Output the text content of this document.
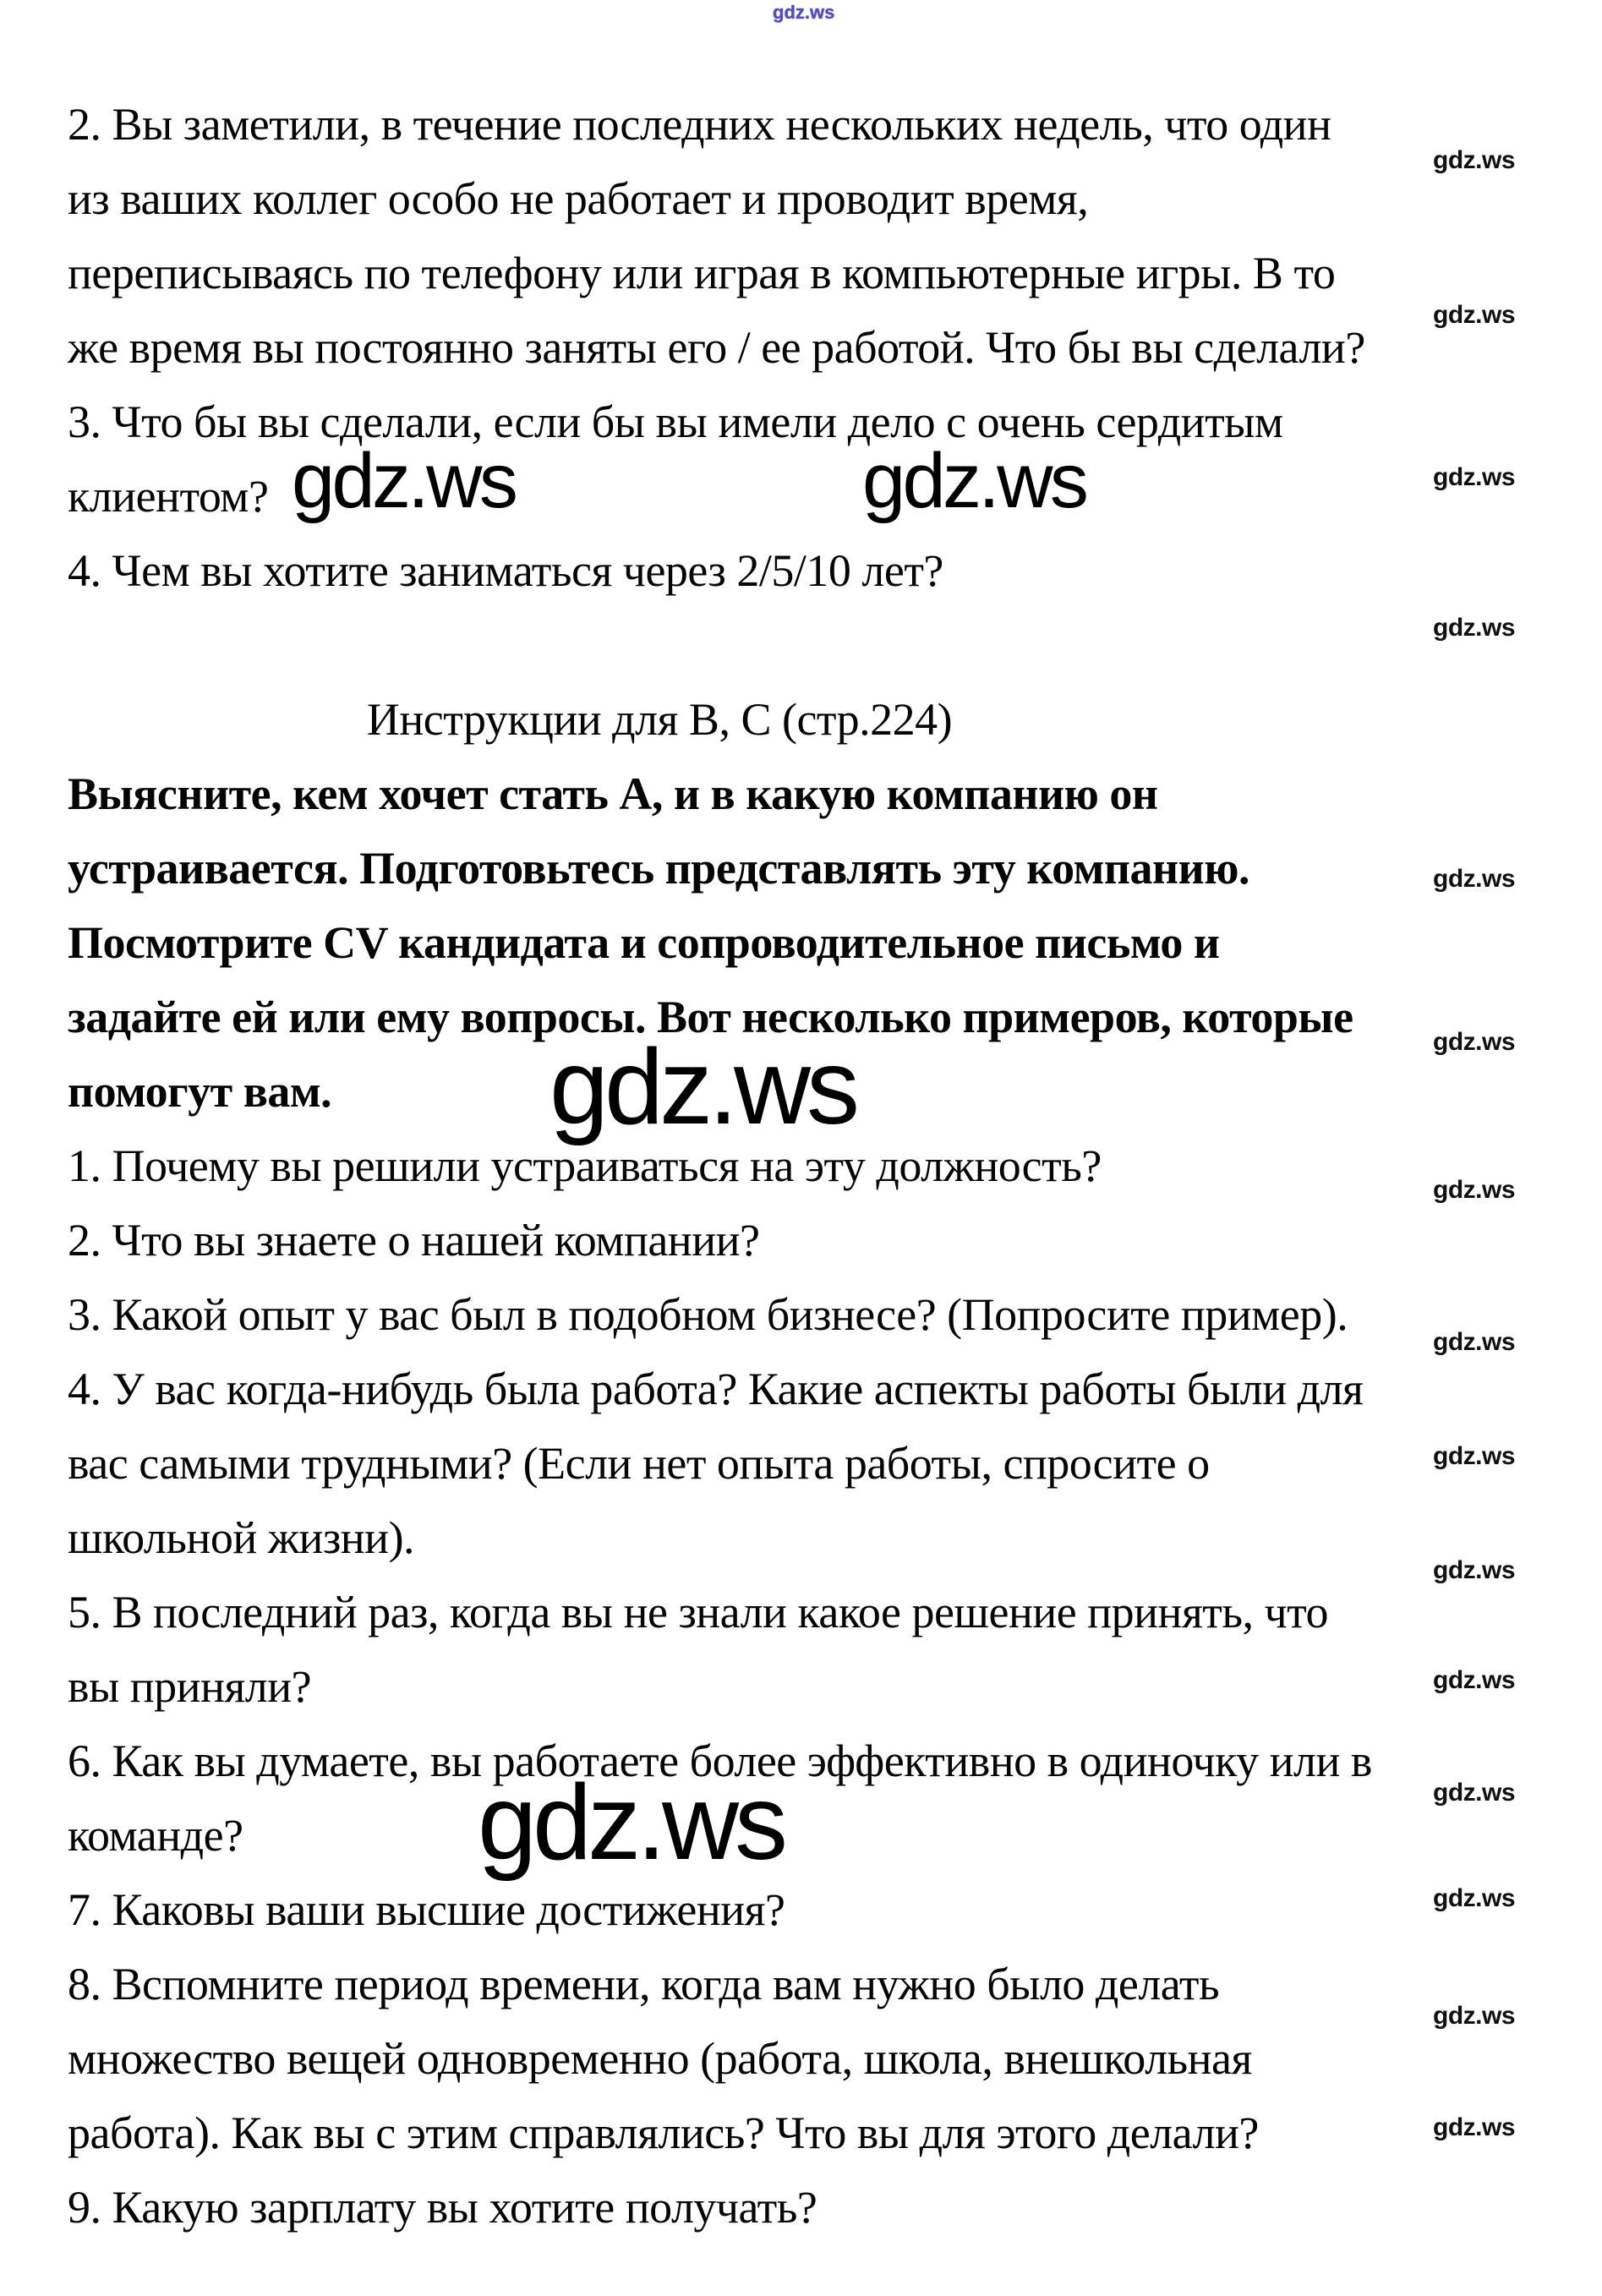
2. Вы заметили, в течение последних нескольких недель, что один
из ваших коллег особо не работает и проводит время,
переписываясь по телефону или играя в компьютерные игры. В то
же время вы постоянно заняты его / ее работой. Что бы вы сделали?
3. Что бы вы сделали, если бы вы имели дело с очень сердитым
клиентом?
4. Чем вы хотите заниматься через 2/5/10 лет?
Инструкции для В, С (стр.224)
Выясните, кем хочет стать А, и в какую компанию он
устраивается. Подготовьтесь представлять эту компанию.
Посмотрите CV кандидата и сопроводительное письмо и
задайте ей или ему вопросы. Вот несколько примеров, которые
помогут вам.
1. Почему вы решили устраиваться на эту должность?
2. Что вы знаете о нашей компании?
3. Какой опыт у вас был в подобном бизнесе? (Попросите пример).
4. У вас когда-нибудь была работа? Какие аспекты работы были для
вас самыми трудными? (Если нет опыта работы, спросите о
школьной жизни).
5. В последний раз, когда вы не знали какое решение принять, что
вы приняли?
6. Как вы думаете, вы работаете более эффективно в одиночку или в
команде?
7. Каковы ваши высшие достижения?
8. Вспомните период времени, когда вам нужно было делать
множество вещей одновременно (работа, школа, внешкольная
работа). Как вы с этим справлялись? Что вы для этого делали?
9. Какую зарплату вы хотите получать?
gdz.ws
gdz.ws	gdz.ws
gdz.ws
gdz.ws
gdz.ws
gdz.ws
gdz.ws
gdz.ws
gdz.ws
gdz.ws
gdz.ws
gdz.ws
gdz.ws
gdz.ws
gdz.ws
gdz.ws
gdz.ws
gdz.ws
gdz.ws
